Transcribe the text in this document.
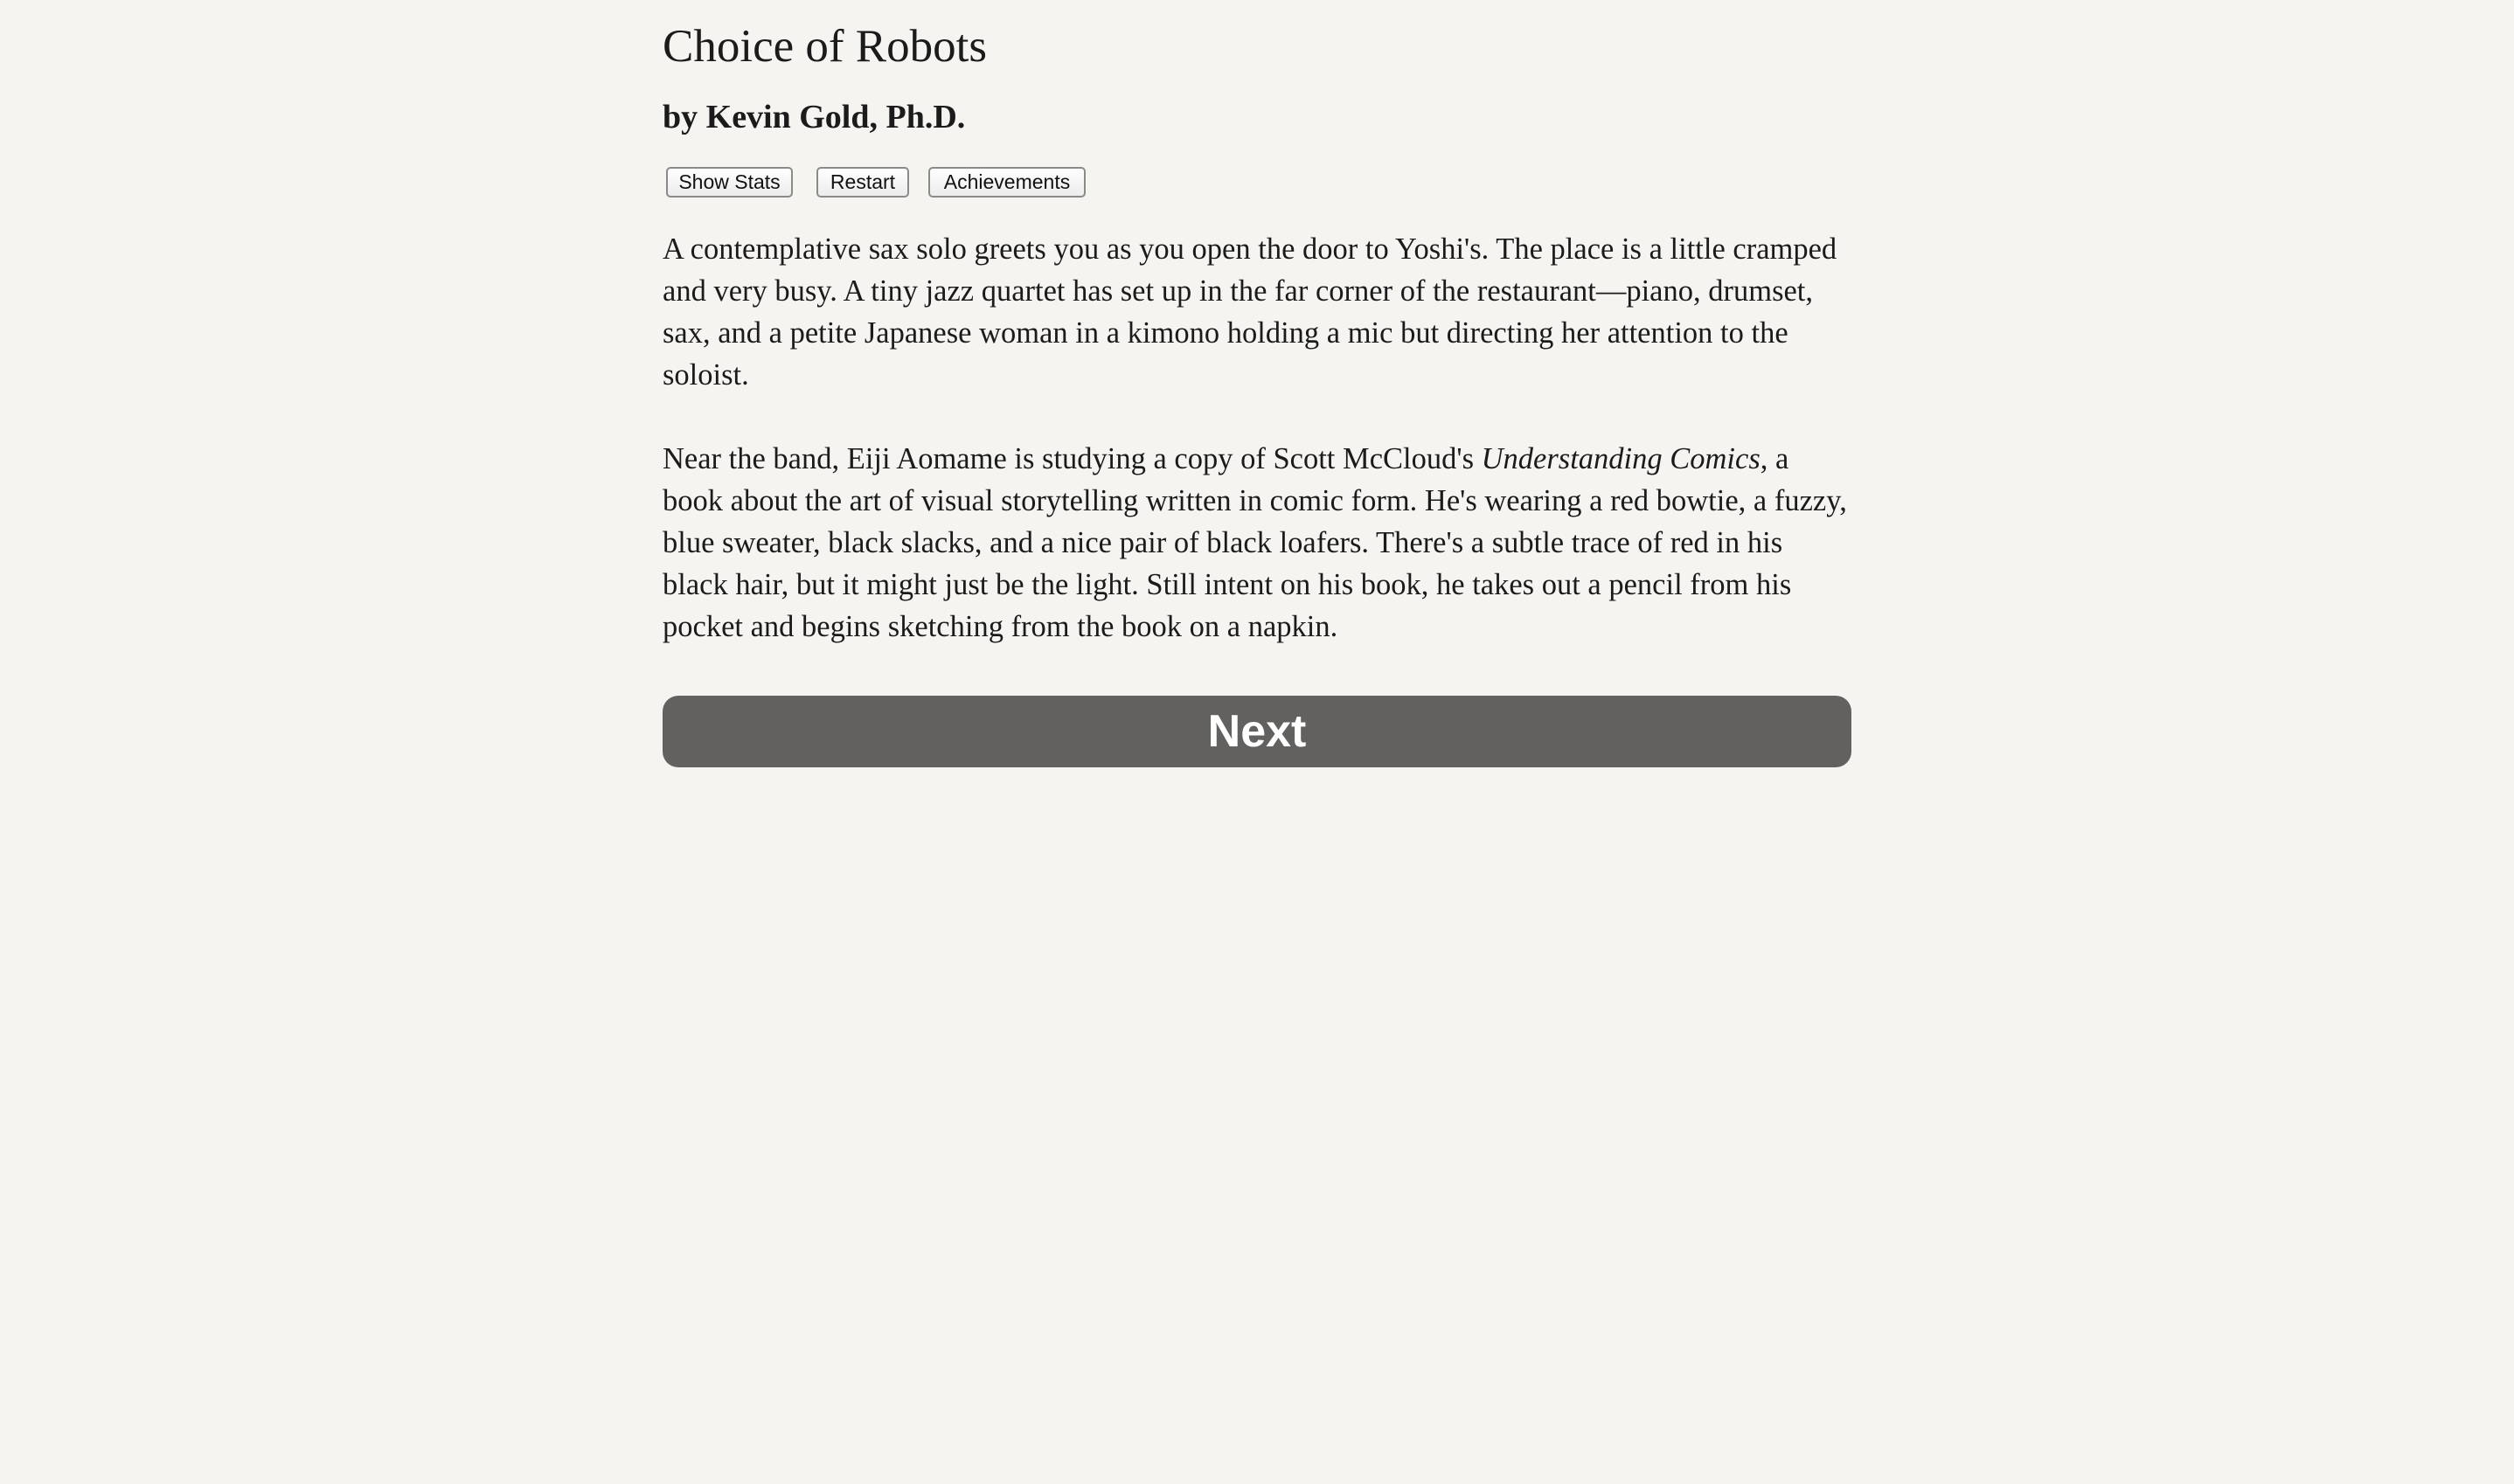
Choice of Robots
by Kevin Gold, Ph.D.
Show Stats	Restart	Achievements

A contemplative sax solo greets you as you open the door to Yoshi's. The place is a little cramped and very busy. A tiny jazz quartet has set up in the far corner of the restaurant—piano, drumset, sax, and a petite Japanese woman in a kimono holding a mic but directing her attention to the soloist.

Near the band, Eiji Aomame is studying a copy of Scott McCloud's Understanding Comics, a book about the art of visual storytelling written in comic form. He's wearing a red bowtie, a fuzzy, blue sweater, black slacks, and a nice pair of black loafers. There's a subtle trace of red in his black hair, but it might just be the light. Still intent on his book, he takes out a pencil from his pocket and begins sketching from the book on a napkin.

Next
